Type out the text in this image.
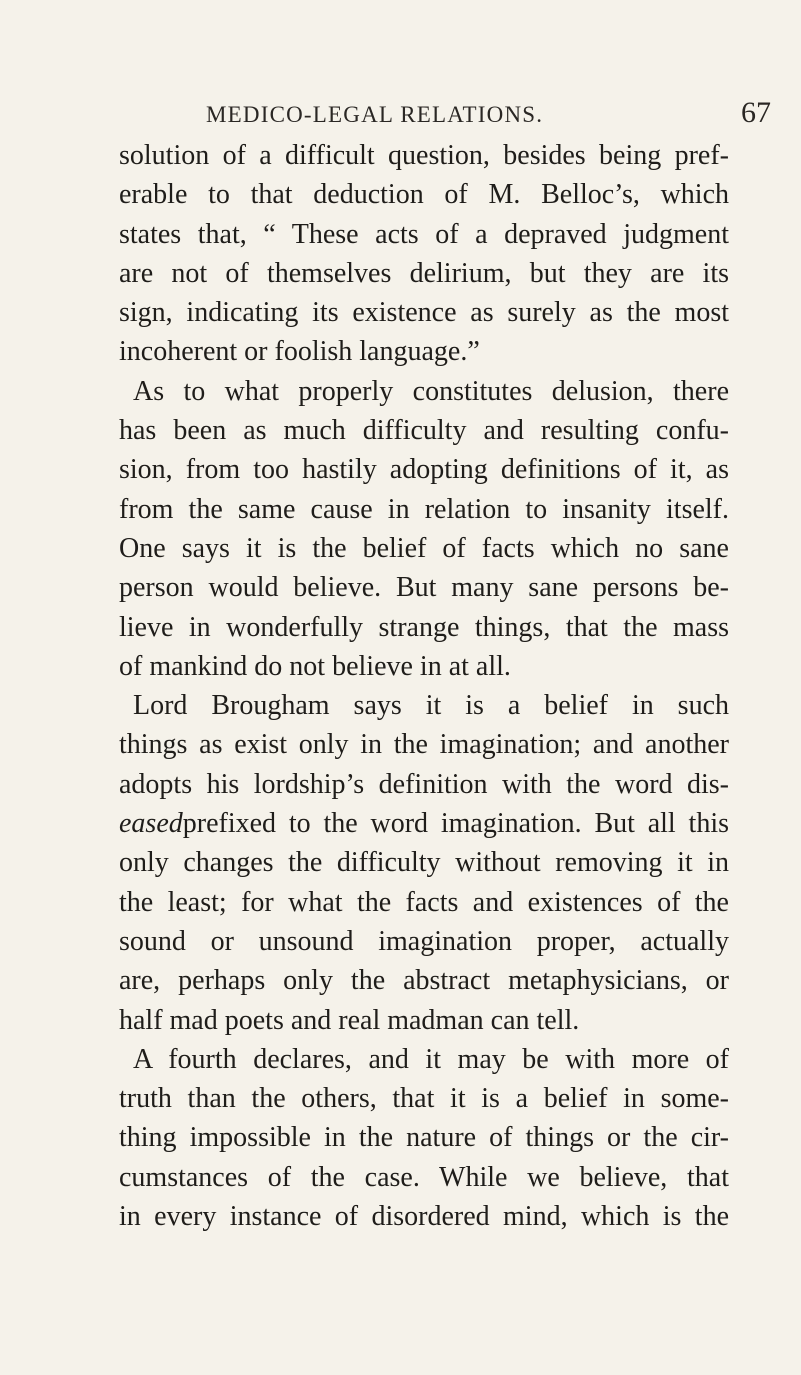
MEDICO-LEGAL RELATIONS.	67
solution of a difficult question, besides being pref-
erable to that deduction of M. Belloc’s, which
states that, “ These acts of a depraved judgment
are not of themselves delirium, but they are its
sign, indicating its existence as surely as the most
incoherent or foolish language.”
As to what properly constitutes delusion, there
has been as much difficulty and resulting confu-
sion, from too hastily adopting definitions of it, as
from the same cause in relation to insanity itself.
One says it is the belief of facts which no sane
person would believe. But many sane persons be-
lieve in wonderfully strange things, that the mass
of mankind do not believe in at all.
Lord Brougham says it is a belief in such
things as exist only in the imagination; and another
adopts his lordship’s definition with the word dis-
easedprefixed to the word imagination. But all this
only changes the difficulty without removing it in
the least; for what the facts and existences of the
sound or unsound imagination proper, actually
are, perhaps only the abstract metaphysicians, or
half mad poets and real madman can tell.
A fourth declares, and it may be with more of
truth than the others, that it is a belief in some-
thing impossible in the nature of things or the cir-
cumstances of the case. While we believe, that
in every instance of disordered mind, which is the
